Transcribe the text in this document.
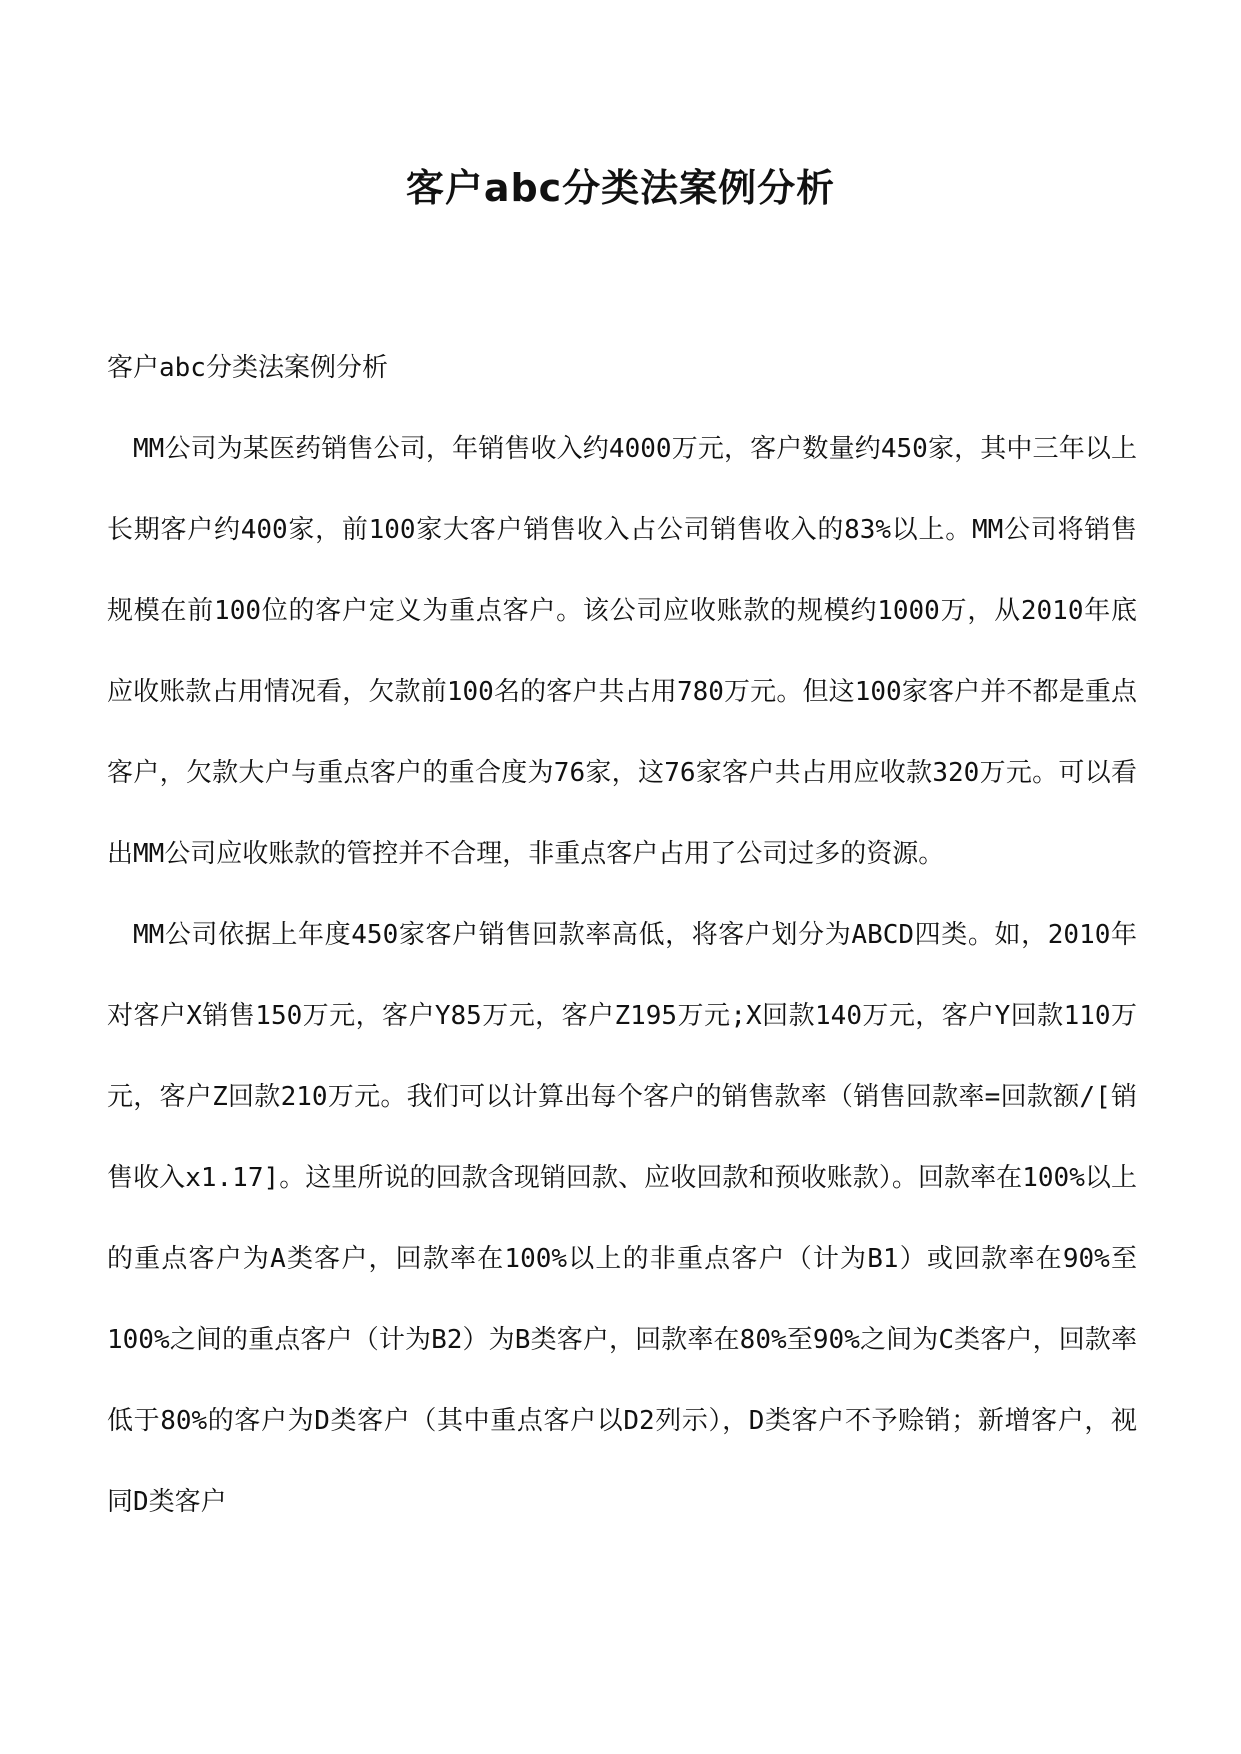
客户abc分类法案例分析

客户abc分类法案例分析

MM公司为某医药销售公司，年销售收入约4000万元，客户数量约450家，其中三年以上长期客户约400家，前100家大客户销售收入占公司销售收入的83%以上。MM公司将销售规模在前100位的客户定义为重点客户。该公司应收账款的规模约1000万，从2010年底应收账款占用情况看，欠款前100名的客户共占用780万元。但这100家客户并不都是重点客户，欠款大户与重点客户的重合度为76家，这76家客户共占用应收款320万元。可以看出MM公司应收账款的管控并不合理，非重点客户占用了公司过多的资源。

MM公司依据上年度450家客户销售回款率高低，将客户划分为ABCD四类。如，2010年对客户X销售150万元，客户Y85万元，客户Z195万元;X回款140万元，客户Y回款110万元，客户Z回款210万元。我们可以计算出每个客户的销售款率（销售回款率=回款额/[销售收入x1.17]。这里所说的回款含现销回款、应收回款和预收账款）。回款率在100%以上的重点客户为A类客户，回款率在100%以上的非重点客户（计为B1）或回款率在90%至100%之间的重点客户（计为B2）为B类客户，回款率在80%至90%之间为C类客户，回款率低于80%的客户为D类客户（其中重点客户以D2列示），D类客户不予赊销；新增客户，视同D类客户
